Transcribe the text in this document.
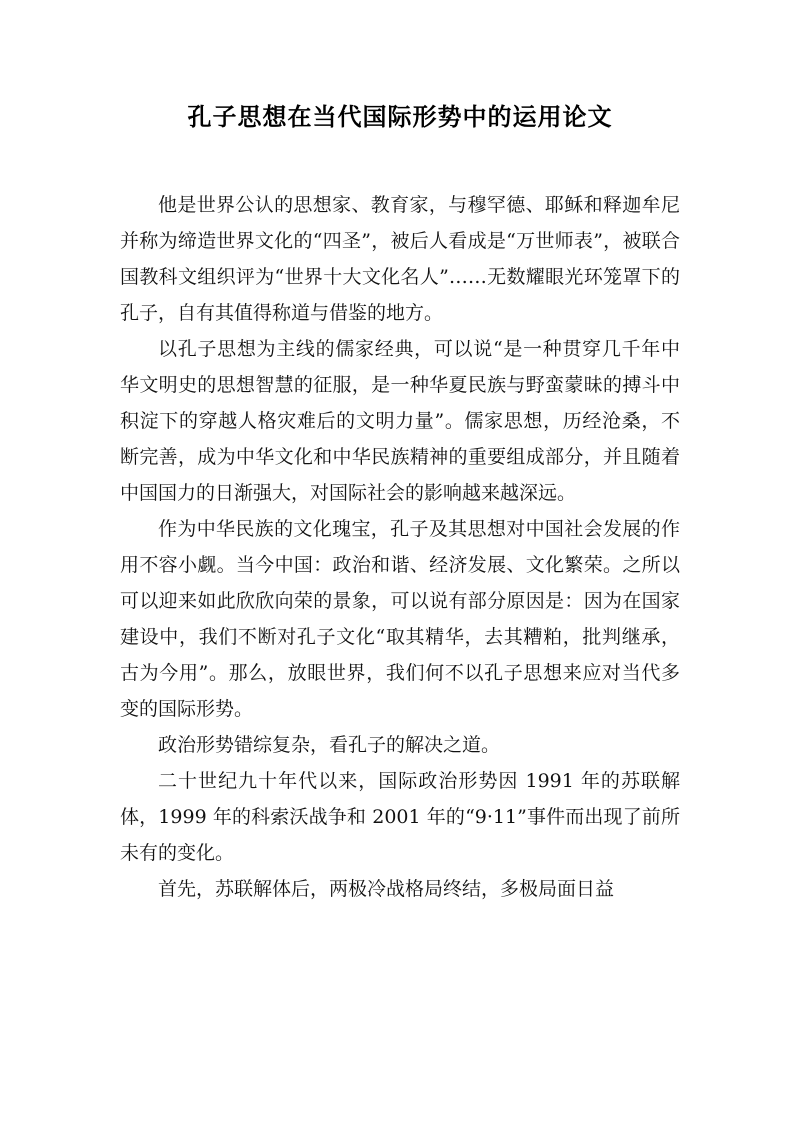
孔子思想在当代国际形势中的运用论文

他是世界公认的思想家、教育家，与穆罕德、耶稣和释迦牟尼并称为缔造世界文化的“四圣”，被后人看成是“万世师表”，被联合国教科文组织评为“世界十大文化名人”……无数耀眼光环笼罩下的孔子，自有其值得称道与借鉴的地方。

以孔子思想为主线的儒家经典，可以说“是一种贯穿几千年中华文明史的思想智慧的征服，是一种华夏民族与野蛮蒙昧的搏斗中积淀下的穿越人格灾难后的文明力量”。儒家思想，历经沧桑，不断完善，成为中华文化和中华民族精神的重要组成部分，并且随着中国国力的日渐强大，对国际社会的影响越来越深远。

作为中华民族的文化瑰宝，孔子及其思想对中国社会发展的作用不容小觑。当今中国：政治和谐、经济发展、文化繁荣。之所以可以迎来如此欣欣向荣的景象，可以说有部分原因是：因为在国家建设中，我们不断对孔子文化“取其精华，去其糟粕，批判继承，古为今用”。那么，放眼世界，我们何不以孔子思想来应对当代多变的国际形势。

政治形势错综复杂，看孔子的解决之道。

二十世纪九十年代以来，国际政治形势因 1991 年的苏联解体，1999 年的科索沃战争和 2001 年的“9·11”事件而出现了前所未有的变化。

首先，苏联解体后，两极冷战格局终结，多极局面日益
